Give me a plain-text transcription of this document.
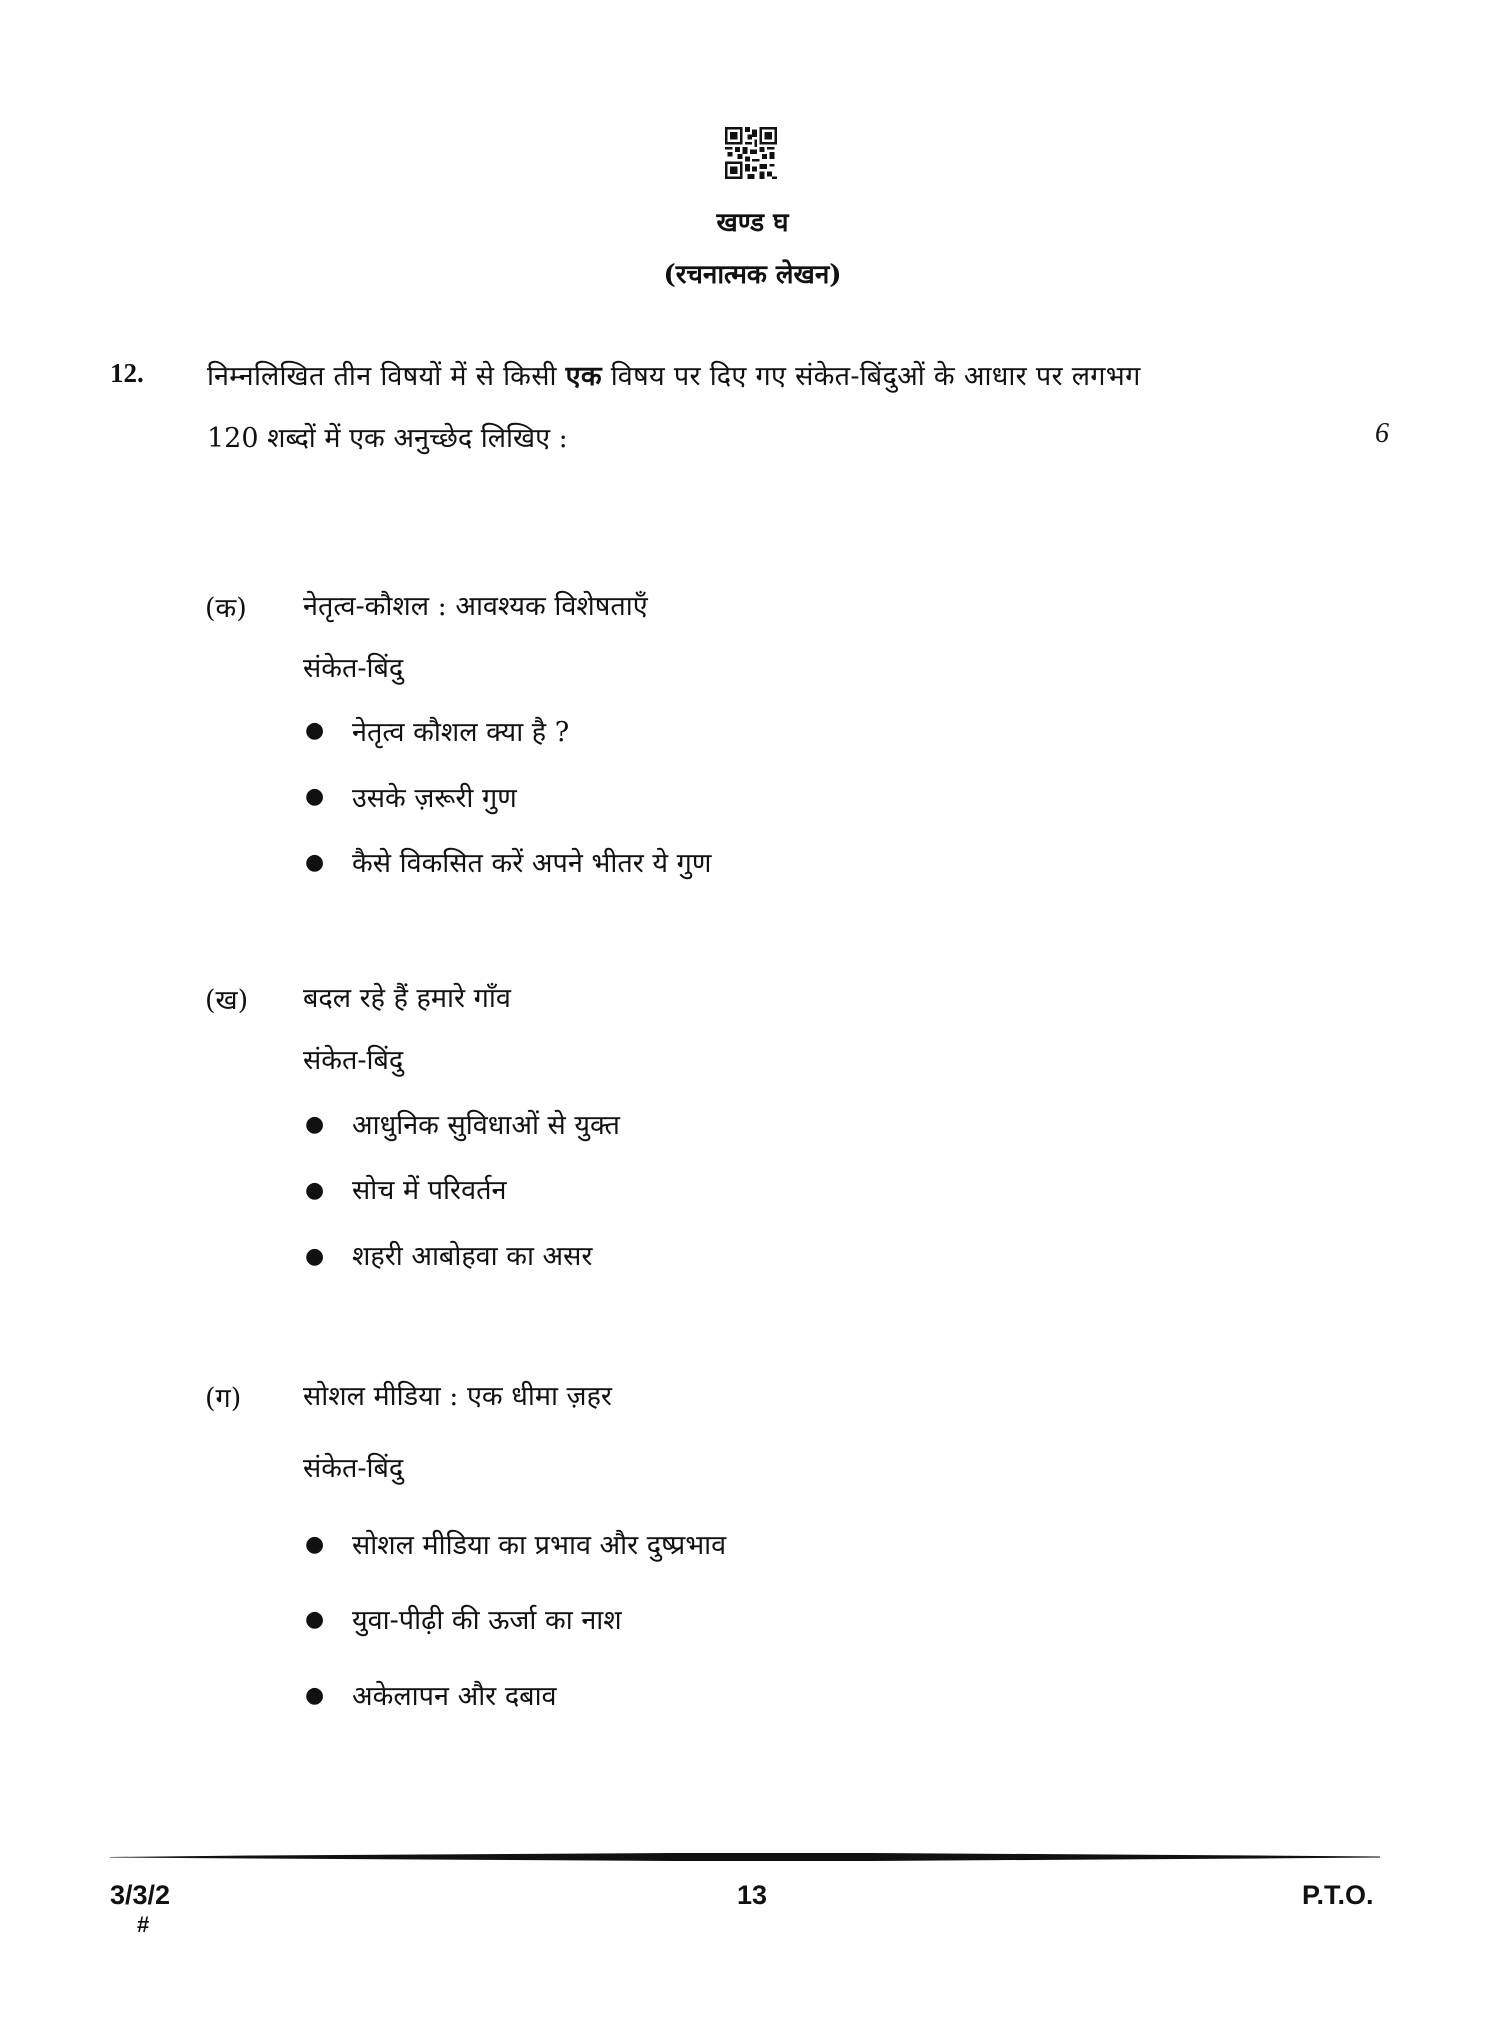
खण्ड घ
(रचनात्मक लेखन)
12. निम्नलिखित तीन विषयों में से किसी एक विषय पर दिए गए संकेत-बिंदुओं के आधार पर लगभग
120 शब्दों में एक अनुच्छेद लिखिए :	6
(क) नेतृत्व-कौशल : आवश्यक विशेषताएँ
संकेत-बिंदु
● नेतृत्व कौशल क्या है ?
● उसके ज़रूरी गुण
● कैसे विकसित करें अपने भीतर ये गुण
(ख) बदल रहे हैं हमारे गाँव
संकेत-बिंदु
● आधुनिक सुविधाओं से युक्त
● सोच में परिवर्तन
● शहरी आबोहवा का असर
(ग) सोशल मीडिया : एक धीमा ज़हर
संकेत-बिंदु
● सोशल मीडिया का प्रभाव और दुष्प्रभाव
● युवा-पीढ़ी की ऊर्जा का नाश
● अकेलापन और दबाव
3/3/2
#
13	P.T.O.
